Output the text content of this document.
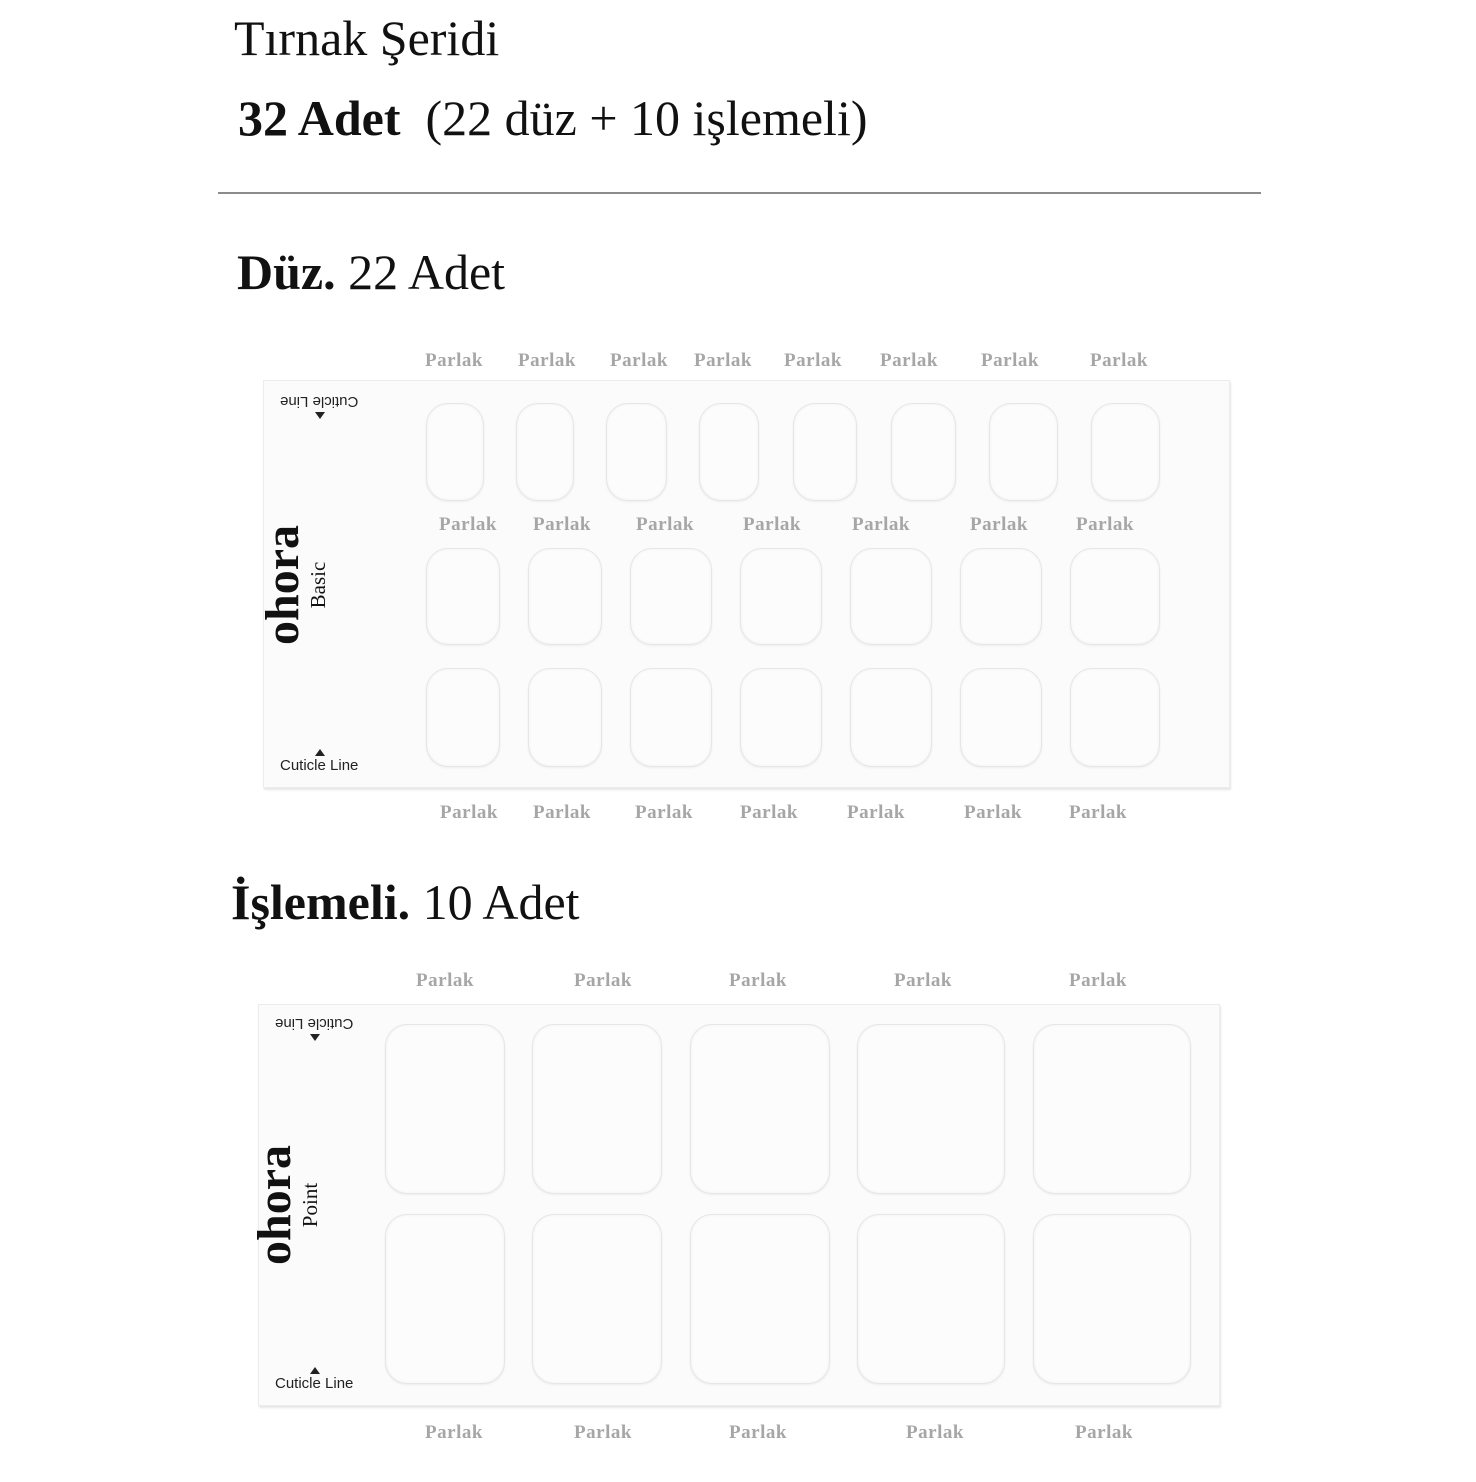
Tırnak Şeridi
32 Adet (22 düz + 10 işlemeli)
Düz. 22 Adet
Cuticle Line
Cuticle Line
ohora
Basic
Parlak Parlak Parlak Parlak Parlak Parlak Parlak	Parlak
Parlak Parlak Parlak	Parlak	Parlak	Parlak	Parlak
Parlak Parlak Parlak Parlak	Parlak	Parlak Parlak
İşlemeli. 10 Adet
Cuticle Line
Cuticle Line
ohora
Point
Parlak	Parlak	Parlak	Parlak	Parlak
Parlak	Parlak	Parlak	Parlak	Parlak
